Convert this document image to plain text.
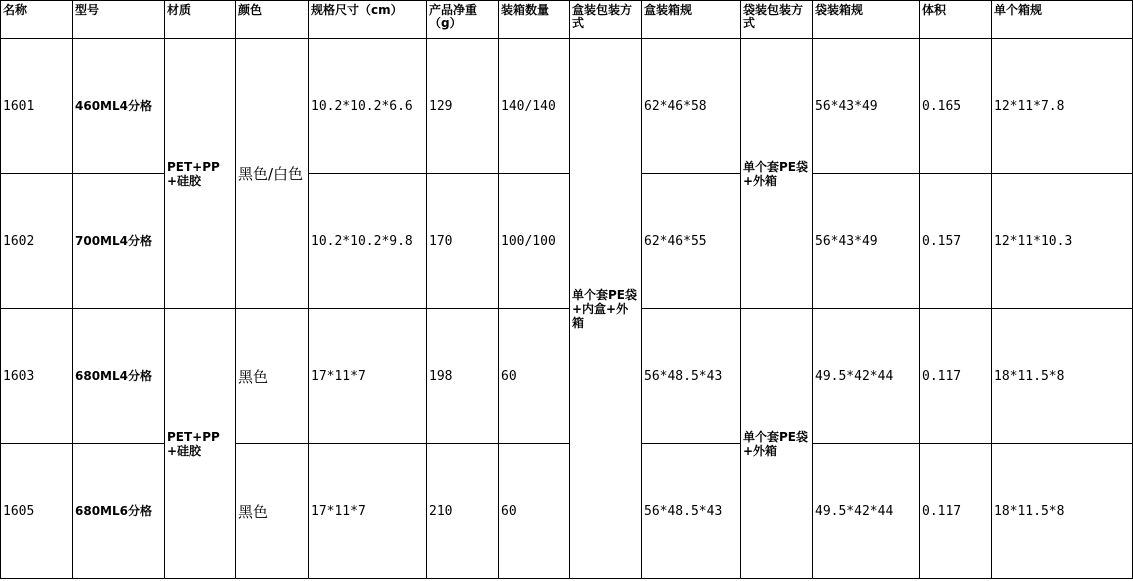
名称	型号	材质	颜色	规格尺寸（cm）	产品净重（g）	装箱数量	盒装包装方式	盒装箱规	袋装包装方式	袋装箱规	体积	单个箱规
1601	460ML4分格	PET+PP+硅胶	黑色/白色	10.2*10.2*6.6	129	140/140	单个套PE袋+内盒+外箱	62*46*58	单个套PE袋+外箱	56*43*49	0.165	12*11*7.8
1602	700ML4分格			10.2*10.2*9.8	170	100/100		62*46*55		56*43*49	0.157	12*11*10.3
1603	680ML4分格	PET+PP+硅胶	黑色	17*11*7	198	60		56*48.5*43	单个套PE袋+外箱	49.5*42*44	0.117	18*11.5*8
1605	680ML6分格		黑色	17*11*7	210	60		56*48.5*43		49.5*42*44	0.117	18*11.5*8
